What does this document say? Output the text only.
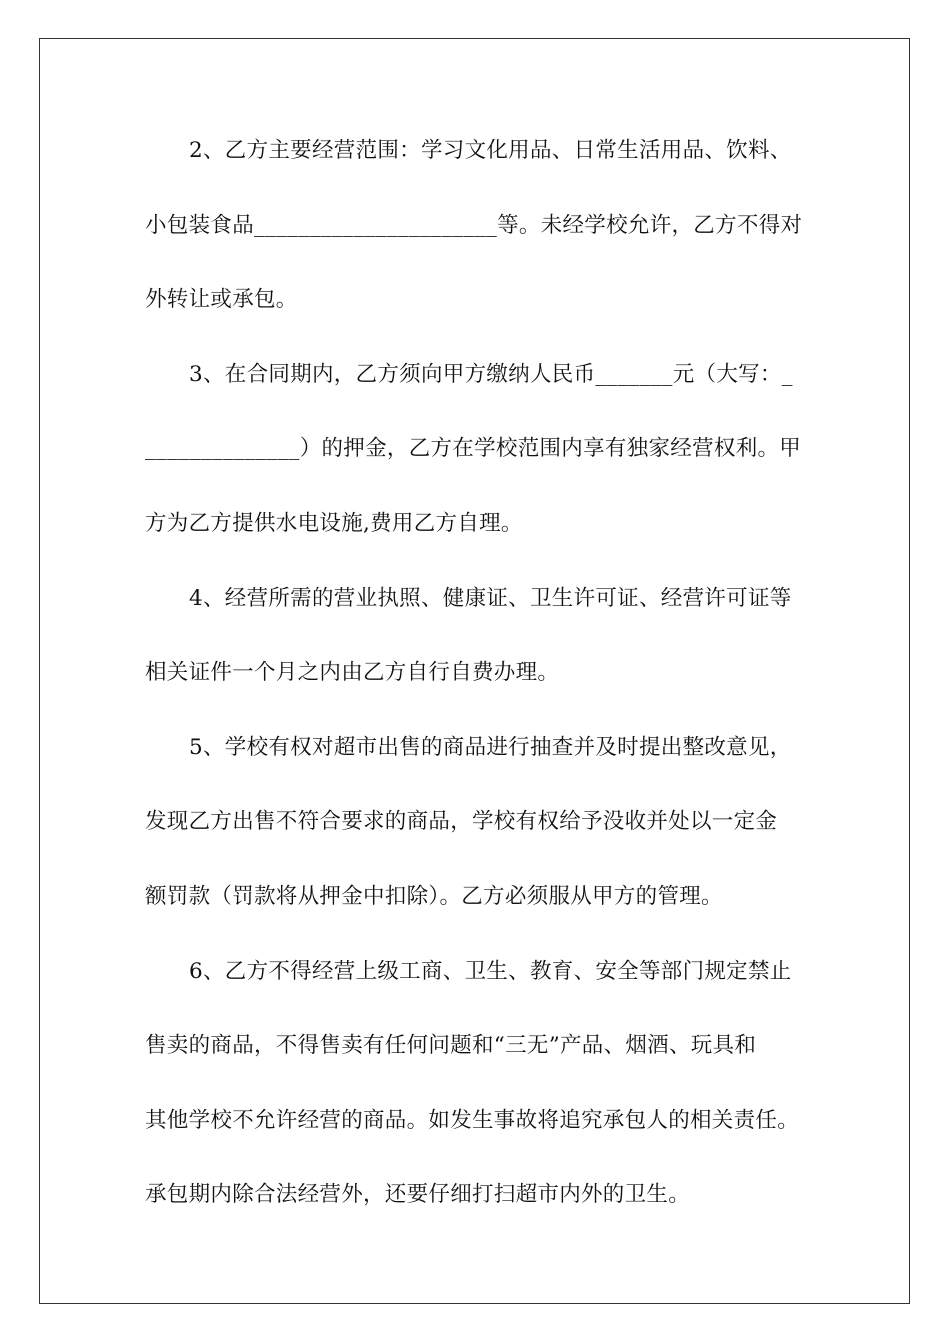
2、乙方主要经营范围：学习文化用品、日常生活用品、饮料、
小包装食品______________________等。未经学校允许，乙方不得对
外转让或承包。
3、在合同期内，乙方须向甲方缴纳人民币_______元（大写：_
______________）的押金，乙方在学校范围内享有独家经营权利。甲
方为乙方提供水电设施,费用乙方自理。
4、经营所需的营业执照、健康证、卫生许可证、经营许可证等
相关证件一个月之内由乙方自行自费办理。
5、学校有权对超市出售的商品进行抽查并及时提出整改意见，
发现乙方出售不符合要求的商品，学校有权给予没收并处以一定金
额罚款（罚款将从押金中扣除）。乙方必须服从甲方的管理。
6、乙方不得经营上级工商、卫生、教育、安全等部门规定禁止
售卖的商品，不得售卖有任何问题和“三无”产品、烟酒、玩具和
其他学校不允许经营的商品。如发生事故将追究承包人的相关责任。
承包期内除合法经营外，还要仔细打扫超市内外的卫生。
